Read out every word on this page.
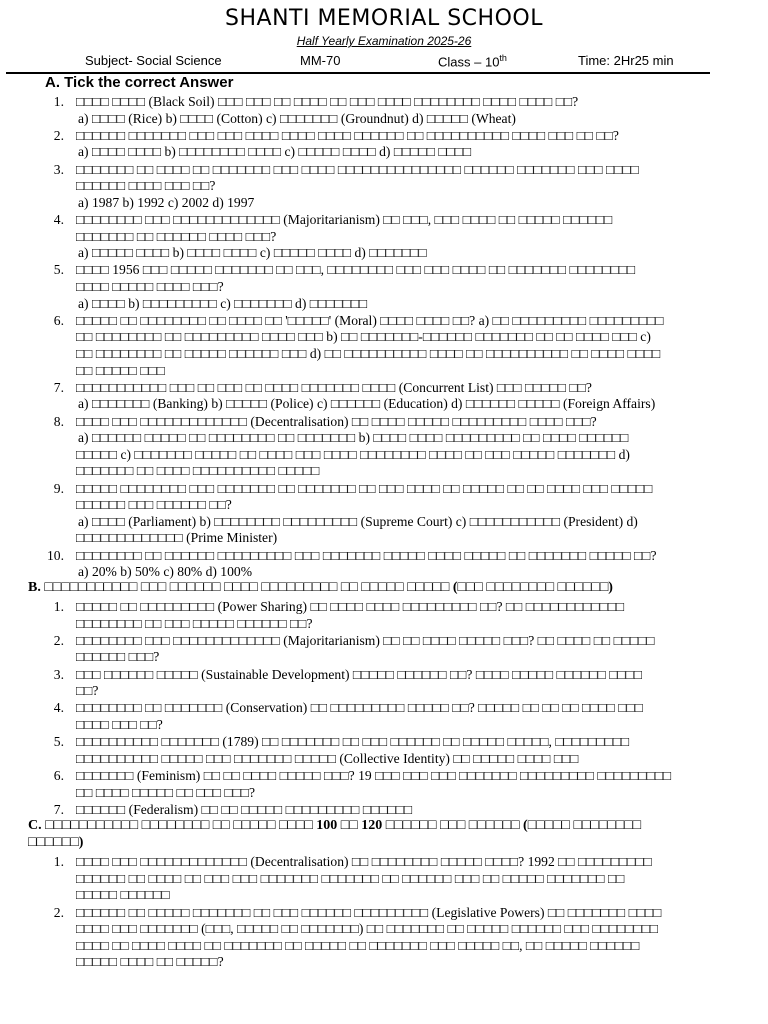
SHANTI MEMORIAL SCHOOL
Half Yearly Examination 2025-26
Subject- Social Science	MM-70	Class – 10th	Time: 2Hr25 min
A. Tick the correct Answer
1. □□□□ □□□□ (Black Soil) □□□ □□□ □□ □□□□ □□ □□□ □□□□ □□□□□□□□ □□□□ □□□□ □□?
a) □□□□ (Rice) b) □□□□ (Cotton) c) □□□□□□□ (Groundnut) d) □□□□□ (Wheat)
2. □□□□□□ □□□□□□□ □□□ □□□ □□□□ □□□□ □□□□ □□□□□□ □□ □□□□□□□□□□ □□□□ □□□ □□ □□?
a) □□□□ □□□□ b) □□□□□□□□ □□□□ c) □□□□□ □□□□ d) □□□□□ □□□□
3. □□□□□□□ □□ □□□□ □□ □□□□□□□ □□□ □□□□ □□□□□□□□□□□□□□□ □□□□□□ □□□□□□□ □□□ □□□□
□□□□□□ □□□□ □□□ □□?
a) 1987 b) 1992 c) 2002 d) 1997
4. □□□□□□□□ □□□ □□□□□□□□□□□□□ (Majoritarianism) □□ □□□, □□□ □□□□ □□ □□□□□ □□□□□□
□□□□□□□ □□ □□□□□□ □□□□ □□□?
a) □□□□□ □□□□ b) □□□□ □□□□ c) □□□□□ □□□□ d) □□□□□□□
5. □□□□ 1956 □□□ □□□□□ □□□□□□□ □□ □□□, □□□□□□□□ □□□ □□□ □□□□ □□ □□□□□□□ □□□□□□□□
□□□□ □□□□□ □□□□ □□□?
a) □□□□ b) □□□□□□□□□ c) □□□□□□□ d) □□□□□□□
6. □□□□□ □□ □□□□□□□□ □□ □□□□ □□ '□□□□□' (Moral) □□□□ □□□□ □□? a) □□ □□□□□□□□□ □□□□□□□□□
□□ □□□□□□□□ □□ □□□□□□□□□ □□□□ □□□ b) □□ □□□□□□□-□□□□□□ □□□□□□□ □□ □□ □□□□ □□□ c)
□□ □□□□□□□□ □□ □□□□□ □□□□□□ □□□ d) □□ □□□□□□□□□□ □□□□ □□ □□□□□□□□□□ □□ □□□□ □□□□
□□ □□□□□ □□□
7. □□□□□□□□□□□ □□□ □□ □□□ □□ □□□□ □□□□□□□ □□□□ (Concurrent List) □□□ □□□□□ □□?
a) □□□□□□□ (Banking) b) □□□□□ (Police) c) □□□□□□ (Education) d) □□□□□□ □□□□□ (Foreign Affairs)
8. □□□□ □□□ □□□□□□□□□□□□□ (Decentralisation) □□ □□□□ □□□□□ □□□□□□□□□ □□□□ □□□?
a) □□□□□□ □□□□□ □□ □□□□□□□□ □□ □□□□□□□ b) □□□□ □□□□ □□□□□□□□□ □□ □□□□ □□□□□□
□□□□□ c) □□□□□□□ □□□□□ □□ □□□□ □□□ □□□□ □□□□□□□□ □□□□ □□ □□□ □□□□□ □□□□□□□ d)
□□□□□□□ □□ □□□□ □□□□□□□□□□ □□□□□
9. □□□□□ □□□□□□□□ □□□ □□□□□□□ □□ □□□□□□□ □□ □□□ □□□□ □□ □□□□□ □□ □□ □□□□ □□□ □□□□□
□□□□□□ □□□ □□□□□□ □□?
a) □□□□ (Parliament) b) □□□□□□□□ □□□□□□□□□ (Supreme Court) c) □□□□□□□□□□□ (President) d)
□□□□□□□□□□□□□ (Prime Minister)
10. □□□□□□□□ □□ □□□□□□ □□□□□□□□□ □□□ □□□□□□□ □□□□□ □□□□ □□□□□ □□ □□□□□□□ □□□□□ □□?
a) 20% b) 50% c) 80% d) 100%
B. □□□□□□□□□□□ □□□ □□□□□□ □□□□ □□□□□□□□□ □□ □□□□□ □□□□□ (□□□ □□□□□□□□ □□□□□□)
1. □□□□□ □□ □□□□□□□□□ (Power Sharing) □□ □□□□ □□□□ □□□□□□□□□ □□? □□ □□□□□□□□□□□□
□□□□□□□□ □□ □□□ □□□□□ □□□□□□ □□?
2. □□□□□□□□ □□□ □□□□□□□□□□□□□ (Majoritarianism) □□ □□ □□□□ □□□□□ □□□? □□ □□□□ □□ □□□□□
□□□□□□ □□□?
3. □□□ □□□□□□ □□□□□ (Sustainable Development) □□□□□ □□□□□□ □□? □□□□ □□□□□ □□□□□□ □□□□
□□?
4. □□□□□□□□ □□ □□□□□□□ (Conservation) □□ □□□□□□□□□ □□□□□ □□? □□□□□ □□ □□ □□ □□□□ □□□
□□□□ □□□ □□?
5. □□□□□□□□□□ □□□□□□□ (1789) □□ □□□□□□□ □□ □□□ □□□□□□ □□ □□□□□ □□□□□, □□□□□□□□□
□□□□□□□□□□ □□□□□ □□□ □□□□□□□ □□□□□ (Collective Identity) □□ □□□□□ □□□□ □□□
6. □□□□□□□ (Feminism) □□ □□ □□□□ □□□□□ □□□? 19 □□□ □□□ □□□ □□□□□□□ □□□□□□□□□ □□□□□□□□□
□□ □□□□ □□□□□ □□ □□□ □□□?
7. □□□□□□ (Federalism) □□ □□ □□□□□ □□□□□□□□□ □□□□□□
C. □□□□□□□□□□□ □□□□□□□□ □□ □□□□□ □□□□ 100 □□ 120 □□□□□□ □□□ □□□□□□ (□□□□□ □□□□□□□□
□□□□□□)
1. □□□□ □□□ □□□□□□□□□□□□□ (Decentralisation) □□ □□□□□□□□ □□□□□ □□□□? 1992 □□ □□□□□□□□□
□□□□□□ □□ □□□□ □□ □□□ □□□ □□□□□□□ □□□□□□□ □□ □□□□□□ □□□ □□ □□□□□ □□□□□□□ □□
□□□□□ □□□□□□
2. □□□□□□ □□ □□□□□ □□□□□□□ □□ □□□ □□□□□□ □□□□□□□□□ (Legislative Powers) □□ □□□□□□□ □□□□
□□□□ □□□ □□□□□□□ (□□□, □□□□□ □□ □□□□□□□) □□ □□□□□□□ □□ □□□□□ □□□□□□ □□□ □□□□□□□□
□□□□ □□ □□□□ □□□□ □□ □□□□□□□ □□ □□□□□ □□ □□□□□□□ □□□ □□□□□ □□, □□ □□□□□ □□□□□□
□□□□□ □□□□ □□ □□□□□?
